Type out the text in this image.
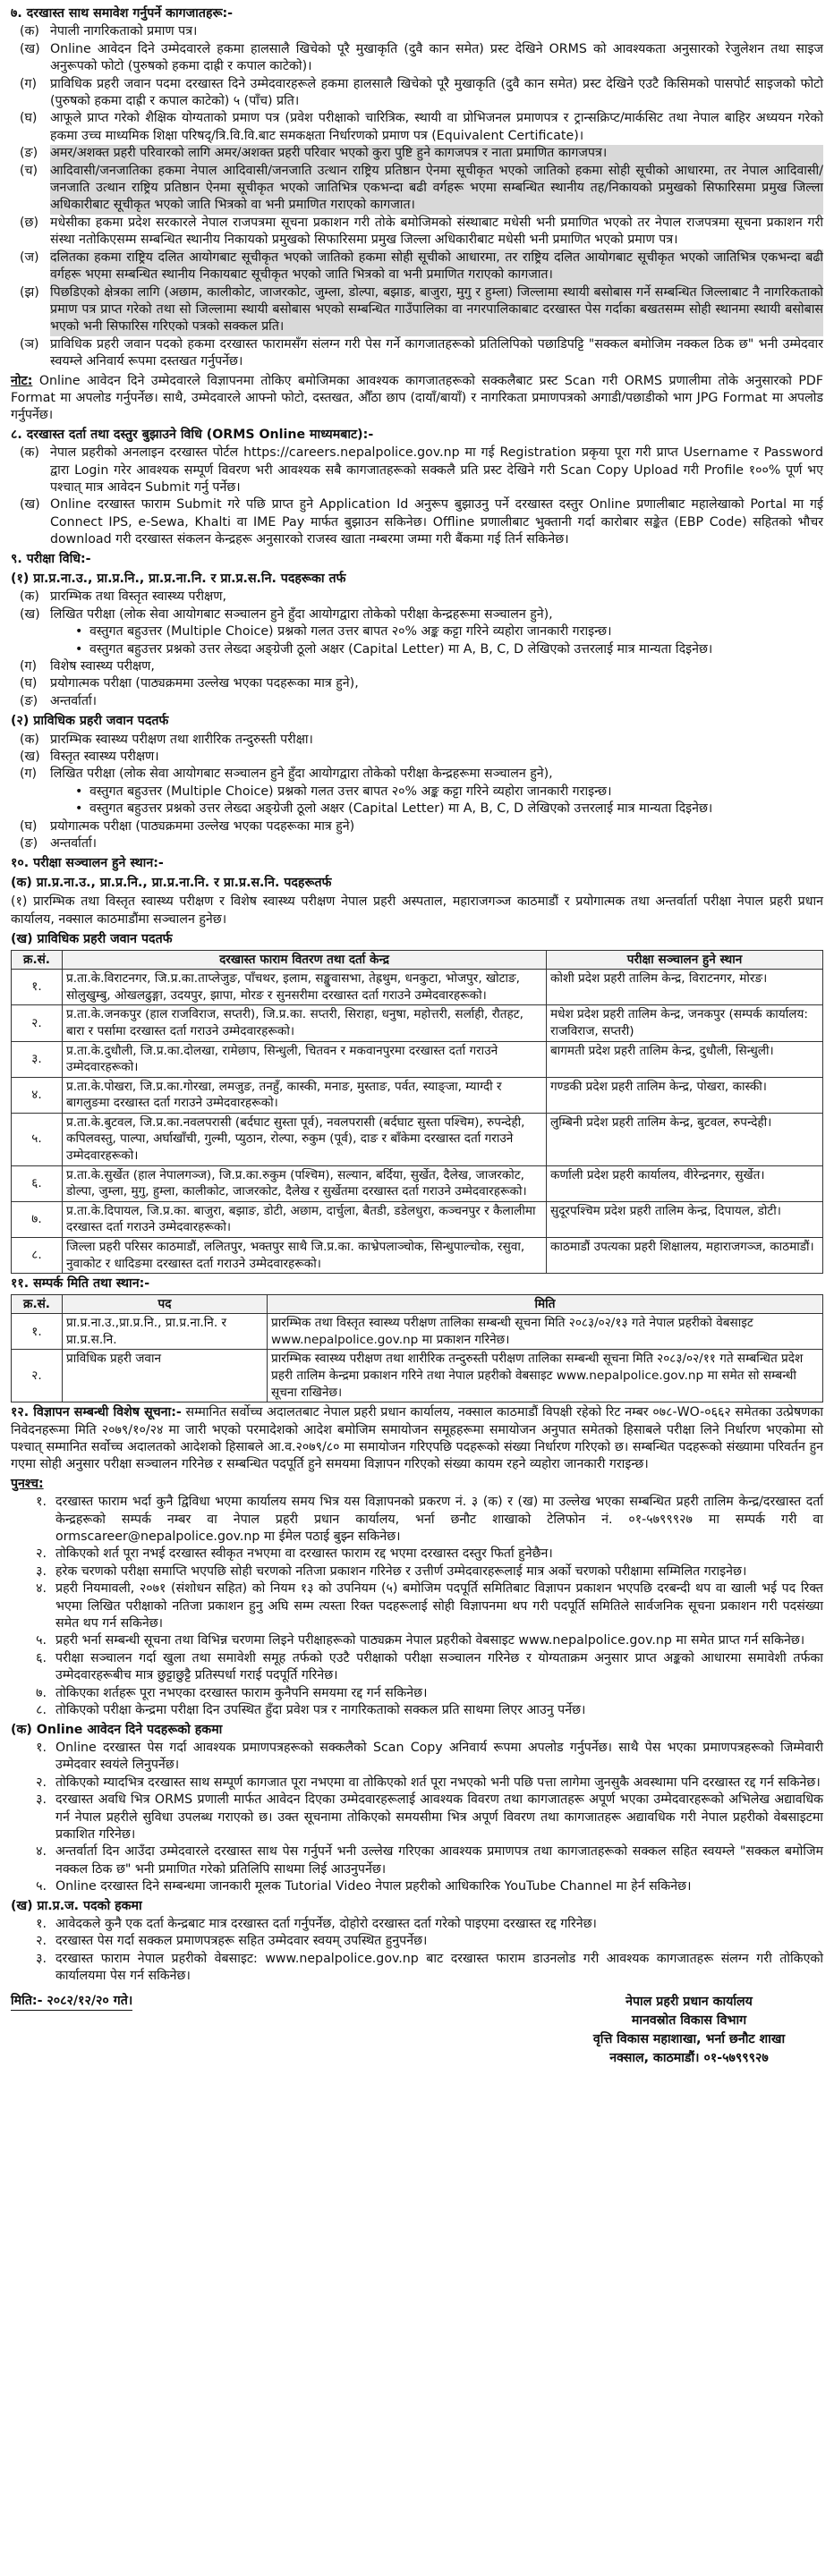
७. दरखास्त साथ समावेश गर्नुपर्ने कागजातहरू:-
(क) नेपाली नागरिकताको प्रमाण पत्र।
(ख) Online आवेदन दिने उम्मेदवारले हकमा हालसालै खिचेको पूरै मुखाकृति (दुवै कान समेत) प्रस्ट देखिने ORMS को आवश्यकता अनुसारको रेजुलेशन तथा साइज अनुरूपको फोटो (पुरुषको हकमा दाह्री र कपाल काटेको)।
(ग)	प्राविधिक प्रहरी जवान पदमा दरखास्त दिने उम्मेदवारहरूले हकमा हालसालै खिचेको पूरै मुखाकृति (दुवै कान समेत) प्रस्ट देखिने एउटै किसिमको पासपोर्ट साइजको फोटो (पुरुषको हकमा दाह्री र कपाल काटेको) ५ (पाँच) प्रति।
(घ)	आफूले प्राप्त गरेको शैक्षिक योग्यताको प्रमाण पत्र (प्रवेश परीक्षाको चारित्रिक, स्थायी वा प्रोभिजनल प्रमाणपत्र र ट्रान्सक्रिप्ट/मार्कसिट तथा नेपाल बाहिर अध्ययन गरेको हकमा उच्च माध्यमिक शिक्षा परिषद्/त्रि.वि.वि.बाट समकक्षता निर्धारणको प्रमाण पत्र (Equivalent Certificate)।
(ङ) अमर/अशक्त प्रहरी परिवारको लागि अमर/अशक्त प्रहरी परिवार भएको कुरा पुष्टि हुने कागजपत्र र नाता प्रमाणित कागजपत्र।
(च) आदिवासी/जनजातिका हकमा नेपाल आदिवासी/जनजाति उत्थान राष्ट्रिय प्रतिष्ठान ऐनमा सूचीकृत भएको जातिको हकमा सोही सूचीको आधारमा, तर नेपाल आदिवासी/जनजाति उत्थान राष्ट्रिय प्रतिष्ठान ऐनमा सूचीकृत भएको जातिभित्र एकभन्दा बढी वर्गहरू भएमा सम्बन्धित स्थानीय तह/निकायको प्रमुखको सिफारिसमा प्रमुख जिल्ला अधिकारीबाट सूचीकृत भएको जाति भित्रको वा भनी प्रमाणित गराएको कागजात।
(छ) मधेसीका हकमा प्रदेश सरकारले नेपाल राजपत्रमा सूचना प्रकाशन गरी तोके बमोजिमको संस्थाबाट मधेसी भनी प्रमाणित भएको तर नेपाल राजपत्रमा सूचना प्रकाशन गरी संस्था नतोकिएसम्म सम्बन्धित स्थानीय निकायको प्रमुखको सिफारिसमा प्रमुख जिल्ला अधिकारीबाट मधेसी भनी प्रमाणित भएको प्रमाण पत्र।
(ज) दलितका हकमा राष्ट्रिय दलित आयोगबाट सूचीकृत भएको जातिको हकमा सोही सूचीको आधारमा, तर राष्ट्रिय दलित आयोगबाट सूचीकृत भएको जातिभित्र एकभन्दा बढी वर्गहरू भएमा सम्बन्धित स्थानीय निकायबाट सूचीकृत भएको जाति भित्रको वा भनी प्रमाणित गराएको कागजात।
(झ) पिछडिएको क्षेत्रका लागि (अछाम, कालीकोट, जाजरकोट, जुम्ला, डोल्पा, बझाङ, बाजुरा, मुगु र हुम्ला) जिल्लामा स्थायी बसोबास गर्ने सम्बन्धित जिल्लाबाट नै नागरिकताको प्रमाण पत्र प्राप्त गरेको तथा सो जिल्लामा स्थायी बसोबास भएको सम्बन्धित गाउँपालिका वा नगरपालिकाबाट दरखास्त पेस गर्दाका बखतसम्म सोही स्थानमा स्थायी बसोबास भएको भनी सिफारिस गरिएको पत्रको सक्कल प्रति।
(ञ) प्राविधिक प्रहरी जवान पदको हकमा दरखास्त फारामसँग संलग्न गरी पेस गर्ने कागजातहरूको प्रतिलिपिको पछाडिपट्टि "सक्कल बमोजिम नक्कल ठिक छ" भनी उम्मेदवार स्वयम्ले अनिवार्य रूपमा दस्तखत गर्नुपर्नेछ।
नोट: Online आवेदन दिने उम्मेदवारले विज्ञापनमा तोकिए बमोजिमका आवश्यक कागजातहरूको सक्कलैबाट प्रस्ट Scan गरी ORMS प्रणालीमा तोके अनुसारको PDF Format मा अपलोड गर्नुपर्नेछ। साथै, उम्मेदवारले आफ्नो फोटो, दस्तखत, औँठा छाप (दायाँ/बायाँ) र नागरिकता प्रमाणपत्रको अगाडी/पछाडीको भाग JPG Format मा अपलोड गर्नुपर्नेछ।
८. दरखास्त दर्ता तथा दस्तुर बुझाउने विधि (ORMS Online माध्यमबाट):-
(क) नेपाल प्रहरीको अनलाइन दरखास्त पोर्टल https://careers.nepalpolice.gov.np मा गई Registration प्रकृया पूरा गरी प्राप्त Username र Password द्वारा Login गरेर आवश्यक सम्पूर्ण विवरण भरी आवश्यक सबै कागजातहरूको सक्कलै प्रति प्रस्ट देखिने गरी Scan Copy Upload गरी Profile १००% पूर्ण भए पश्चात् मात्र आवेदन Submit गर्नु पर्नेछ।
(ख) Online दरखास्त फाराम Submit गरे पछि प्राप्त हुने Application Id अनुरूप बुझाउनु पर्ने दरखास्त दस्तुर Online प्रणालीबाट महालेखाको Portal मा गई Connect IPS, e-Sewa, Khalti वा IME Pay मार्फत बुझाउन सकिनेछ। Offline प्रणालीबाट भुक्तानी गर्दा कारोबार सङ्केत (EBP Code) सहितको भौचर download गरी दरखास्त संकलन केन्द्रहरू अनुसारको राजस्व खाता नम्बरमा जम्मा गरी बैंकमा गई तिर्न सकिनेछ।
९. परीक्षा विधि:-
(१) प्रा.प्र.ना.उ., प्रा.प्र.नि., प्रा.प्र.ना.नि. र प्रा.प्र.स.नि. पदहरूका तर्फ
(क) प्रारम्भिक तथा विस्तृत स्वास्थ्य परीक्षण,
(ख) लिखित परीक्षा (लोक सेवा आयोगबाट सञ्चालन हुने हुँदा आयोगद्वारा तोकेको परीक्षा केन्द्रहरूमा सञ्चालन हुने),
• वस्तुगत बहुउत्तर (Multiple Choice) प्रश्नको गलत उत्तर बापत २०% अङ्क कट्टा गरिने व्यहोरा जानकारी गराइन्छ।
• वस्तुगत बहुउत्तर प्रश्नको उत्तर लेख्दा अङ्ग्रेजी ठूलो अक्षर (Capital Letter) मा A, B, C, D लेखिएको उत्तरलाई मात्र मान्यता दिइनेछ।
(ग)	विशेष स्वास्थ्य परीक्षण,
(घ)	प्रयोगात्मक परीक्षा (पाठ्यक्रममा उल्लेख भएका पदहरूका मात्र हुने),
(ङ) अन्तर्वार्ता।
(२) प्राविधिक प्रहरी जवान पदतर्फ
(क) प्रारम्भिक स्वास्थ्य परीक्षण तथा शारीरिक तन्दुरुस्ती परीक्षा।
(ख) विस्तृत स्वास्थ्य परीक्षण।
(ग)	लिखित परीक्षा (लोक सेवा आयोगबाट सञ्चालन हुने हुँदा आयोगद्वारा तोकेको परीक्षा केन्द्रहरूमा सञ्चालन हुने),
• वस्तुगत बहुउत्तर (Multiple Choice) प्रश्नको गलत उत्तर बापत २०% अङ्क कट्टा गरिने व्यहोरा जानकारी गराइन्छ।
• वस्तुगत बहुउत्तर प्रश्नको उत्तर लेख्दा अङ्ग्रेजी ठूलो अक्षर (Capital Letter) मा A, B, C, D लेखिएको उत्तरलाई मात्र मान्यता दिइनेछ।
(घ)	प्रयोगात्मक परीक्षा (पाठ्यक्रममा उल्लेख भएका पदहरूका मात्र हुने)
(ङ) अन्तर्वार्ता।
१०. परीक्षा सञ्चालन हुने स्थान:-
(क) प्रा.प्र.ना.उ., प्रा.प्र.नि., प्रा.प्र.ना.नि. र प्रा.प्र.स.नि. पदहरूतर्फ
(१) प्रारम्भिक तथा विस्तृत स्वास्थ्य परीक्षण र विशेष स्वास्थ्य परीक्षण नेपाल प्रहरी अस्पताल, महाराजगञ्ज काठमाडौं र प्रयोगात्मक तथा अन्तर्वार्ता परीक्षा नेपाल प्रहरी प्रधान कार्यालय, नक्साल काठमाडौंमा सञ्चालन हुनेछ।
(ख) प्राविधिक प्रहरी जवान पदतर्फ
क्र.सं.	दरखास्त फाराम वितरण तथा दर्ता केन्द्र	परीक्षा सञ्चालन हुने स्थान
१.	प्र.ता.के.विराटनगर, जि.प्र.का.ताप्लेजुङ, पाँचथर, इलाम, सङ्खुवासभा, तेह्रथुम, धनकुटा, भोजपुर, खोटाङ, सोलुखुम्बु, ओखलढुङ्गा, उदयपुर, झापा, मोरङ र सुनसरीमा दरखास्त दर्ता गराउने उम्मेदवारहरूको।	कोशी प्रदेश प्रहरी तालिम केन्द्र, विराटनगर, मोरङ।
२.	प्र.ता.के.जनकपुर (हाल राजविराज, सप्तरी), जि.प्र.का. सप्तरी, सिराहा, धनुषा, महोत्तरी, सर्लाही, रौतहट, बारा र पर्सामा दरखास्त दर्ता गराउने उम्मेदवारहरूको।	मधेश प्रदेश प्रहरी तालिम केन्द्र, जनकपुर (सम्पर्क कार्यालय: राजविराज, सप्तरी)
३.	प्र.ता.के.दुधौली, जि.प्र.का.दोलखा, रामेछाप, सिन्धुली, चितवन र मकवानपुरमा दरखास्त दर्ता गराउने उम्मेदवारहरूको।	बागमती प्रदेश प्रहरी तालिम केन्द्र, दुधौली, सिन्धुली।
४.	प्र.ता.के.पोखरा, जि.प्र.का.गोरखा, लमजुङ, तनहुँ, कास्की, मनाङ, मुस्ताङ, पर्वत, स्याङ्जा, म्याग्दी र बागलुङमा दरखास्त दर्ता गराउने उम्मेदवारहरूको।	गण्डकी प्रदेश प्रहरी तालिम केन्द्र, पोखरा, कास्की।
५.	प्र.ता.के.बुटवल, जि.प्र.का.नवलपरासी (बर्दघाट सुस्ता पूर्व), नवलपरासी (बर्दघाट सुस्ता पश्चिम), रुपन्देही, कपिलवस्तु, पाल्पा, अर्घाखाँची, गुल्मी, प्युठान, रोल्पा, रुकुम (पूर्व), दाङ र बाँकेमा दरखास्त दर्ता गराउने उम्मेदवारहरूको।	लुम्बिनी प्रदेश प्रहरी तालिम केन्द्र, बुटवल, रुपन्देही।
६.	प्र.ता.के.सुर्खेत (हाल नेपालगञ्ज), जि.प्र.का.रुकुम (पश्चिम), सल्यान, बर्दिया, सुर्खेत, दैलेख, जाजरकोट, डोल्पा, जुम्ला, मुगु, हुम्ला, कालीकोट, जाजरकोट, दैलेख र सुर्खेतमा दरखास्त दर्ता गराउने उम्मेदवारहरूको।	कर्णाली प्रदेश प्रहरी कार्यालय, वीरेन्द्रनगर, सुर्खेत।
७.	प्र.ता.के.दिपायल, जि.प्र.का. बाजुरा, बझाङ, डोटी, अछाम, दार्चुला, बैतडी, डडेलधुरा, कञ्चनपुर र कैलालीमा दरखास्त दर्ता गराउने उम्मेदवारहरूको।	सुदूरपश्चिम प्रदेश प्रहरी तालिम केन्द्र, दिपायल, डोटी।
८.	जिल्ला प्रहरी परिसर काठमाडौं, ललितपुर, भक्तपुर साथै जि.प्र.का. काभ्रेपलाञ्चोक, सिन्धुपाल्चोक, रसुवा, नुवाकोट र धादिङमा दरखास्त दर्ता गराउने उम्मेदवारहरूको।	काठमाडौं उपत्यका प्रहरी शिक्षालय, महाराजगञ्ज, काठमाडौं।
११. सम्पर्क मिति तथा स्थान:-
क्र.सं.	पद	मिति
१.	प्रा.प्र.ना.उ.,प्रा.प्र.नि., प्रा.प्र.ना.नि. र प्रा.प्र.स.नि.	प्रारम्भिक तथा विस्तृत स्वास्थ्य परीक्षण तालिका सम्बन्धी सूचना मिति २०८३/०२/१३ गते नेपाल प्रहरीको वेबसाइट www.nepalpolice.gov.np मा प्रकाशन गरिनेछ।
२.	प्राविधिक प्रहरी जवान	प्रारम्भिक स्वास्थ्य परीक्षण तथा शारीरिक तन्दुरुस्ती परीक्षण तालिका सम्बन्धी सूचना मिति २०८३/०२/११ गते सम्बन्धित प्रदेश प्रहरी तालिम केन्द्रमा प्रकाशन गरिने तथा नेपाल प्रहरीको वेबसाइट www.nepalpolice.gov.np मा समेत सो सम्बन्धी सूचना राखिनेछ।
१२. विज्ञापन सम्बन्धी विशेष सूचना:- सम्मानित सर्वोच्च अदालतबाट नेपाल प्रहरी प्रधान कार्यालय, नक्साल काठमाडौं विपक्षी रहेको रिट नम्बर ०७८-WO-०६६२ समेतका उत्प्रेषणका निवेदनहरूमा मिति २०७९/१०/२४ मा जारी भएको परमादेशको आदेश बमोजिम समायोजन समूहहरूमा समायोजन अनुपात समेतको हिसाबले परीक्षा लिने निर्धारण भएकोमा सो पश्चात् सम्मानित सर्वोच्च अदालतको आदेशको हिसाबले आ.व.२०७९/८० मा समायोजन गरिएपछि पदहरूको संख्या निर्धारण गरिएको छ। सम्बन्धित पदहरूको संख्यामा परिवर्तन हुन गएमा सोही अनुसार परीक्षा सञ्चालन गरिनेछ र सम्बन्धित पदपूर्ति हुने समयमा विज्ञापन गरिएको संख्या कायम रहने व्यहोरा जानकारी गराइन्छ।
पुनश्च:
१. दरखास्त फाराम भर्दा कुनै द्विविधा भएमा कार्यालय समय भित्र यस विज्ञापनको प्रकरण नं. ३ (क) र (ख) मा उल्लेख भएका सम्बन्धित प्रहरी तालिम केन्द्र/दरखास्त दर्ता केन्द्रहरूको सम्पर्क नम्बर वा नेपाल प्रहरी प्रधान कार्यालय, भर्ना छनौट शाखाको टेलिफोन नं. ०१-५७९९९२७ मा सम्पर्क गरी वा ormscareer@nepalpolice.gov.np मा ईमेल पठाई बुझ्न सकिनेछ।
२. तोकिएको शर्त पूरा नभई दरखास्त स्वीकृत नभएमा वा दरखास्त फाराम रद्द भएमा दरखास्त दस्तुर फिर्ता हुनेछैन।
३. हरेक चरणको परीक्षा समाप्ति भएपछि सोही चरणको नतिजा प्रकाशन गरिनेछ र उत्तीर्ण उम्मेदवारहरूलाई मात्र अर्को चरणको परीक्षामा सम्मिलित गराइनेछ।
४. प्रहरी नियमावली, २०७१ (संशोधन सहित) को नियम १३ को उपनियम (५) बमोजिम पदपूर्ति समितिबाट विज्ञापन प्रकाशन भएपछि दरबन्दी थप वा खाली भई पद रिक्त भएमा लिखित परीक्षाको नतिजा प्रकाशन हुनु अघि सम्म त्यस्ता रिक्त पदहरूलाई सोही विज्ञापनमा थप गरी पदपूर्ति समितिले सार्वजनिक सूचना प्रकाशन गरी पदसंख्या समेत थप गर्न सकिनेछ।
५. प्रहरी भर्ना सम्बन्धी सूचना तथा विभिन्न चरणमा लिइने परीक्षाहरूको पाठ्यक्रम नेपाल प्रहरीको वेबसाइट www.nepalpolice.gov.np मा समेत प्राप्त गर्न सकिनेछ।
६. परीक्षा सञ्चालन गर्दा खुला तथा समावेशी समूह तर्फको एउटै परीक्षाको परीक्षा सञ्चालन गरिनेछ र योग्यताक्रम अनुसार प्राप्त अङ्कको आधारमा समावेशी तर्फका उम्मेदवारहरूबीच मात्र छुट्टाछुट्टै प्रतिस्पर्धा गराई पदपूर्ति गरिनेछ।
७. तोकिएका शर्तहरू पूरा नभएका दरखास्त फाराम कुनैपनि समयमा रद्द गर्न सकिनेछ।
८. तोकिएको परीक्षा केन्द्रमा परीक्षा दिन उपस्थित हुँदा प्रवेश पत्र र नागरिकताको सक्कल प्रति साथमा लिएर आउनु पर्नेछ।
(क) Online आवेदन दिने पदहरूको हकमा
१. Online दरखास्त पेस गर्दा आवश्यक प्रमाणपत्रहरूको सक्कलैको Scan Copy अनिवार्य रूपमा अपलोड गर्नुपर्नेछ। साथै पेस भएका प्रमाणपत्रहरूको जिम्मेवारी उम्मेदवार स्वयंले लिनुपर्नेछ।
२. तोकिएको म्यादभित्र दरखास्त साथ सम्पूर्ण कागजात पूरा नभएमा वा तोकिएको शर्त पूरा नभएको भनी पछि पत्ता लागेमा जुनसुकै अवस्थामा पनि दरखास्त रद्द गर्न सकिनेछ।
३. दरखास्त अवधि भित्र ORMS प्रणाली मार्फत आवेदन दिएका उम्मेदवारहरूलाई आवश्यक विवरण तथा कागजातहरू अपूर्ण भएका उम्मेदवारहरूको अभिलेख अद्यावधिक गर्न नेपाल प्रहरीले सुविधा उपलब्ध गराएको छ। उक्त सूचनामा तोकिएको समयसीमा भित्र अपूर्ण विवरण तथा कागजातहरू अद्यावधिक गरी नेपाल प्रहरीको वेबसाइटमा प्रकाशित गरिनेछ।
४. अन्तर्वार्ता दिन आउँदा उम्मेदवारले दरखास्त साथ पेस गर्नुपर्ने भनी उल्लेख गरिएका आवश्यक प्रमाणपत्र तथा कागजातहरूको सक्कल सहित स्वयम्ले "सक्कल बमोजिम नक्कल ठिक छ" भनी प्रमाणित गरेको प्रतिलिपि साथमा लिई आउनुपर्नेछ।
५. Online दरखास्त दिने सम्बन्धमा जानकारी मूलक Tutorial Video नेपाल प्रहरीको आधिकारिक YouTube Channel मा हेर्न सकिनेछ।
(ख) प्रा.प्र.ज. पदको हकमा
१. आवेदकले कुनै एक दर्ता केन्द्रबाट मात्र दरखास्त दर्ता गर्नुपर्नेछ, दोहोरो दरखास्त दर्ता गरेको पाइएमा दरखास्त रद्द गरिनेछ।
२. दरखास्त पेस गर्दा सक्कल प्रमाणपत्रहरू सहित उम्मेदवार स्वयम् उपस्थित हुनुपर्नेछ।
३. दरखास्त फाराम नेपाल प्रहरीको वेबसाइट: www.nepalpolice.gov.np बाट दरखास्त फाराम डाउनलोड गरी आवश्यक कागजातहरू संलग्न गरी तोकिएको कार्यालयमा पेस गर्न सकिनेछ।
मिति:- २०८२/१२/२० गते।	नेपाल प्रहरी प्रधान कार्यालय
मानवस्रोत विकास विभाग
वृत्ति विकास महाशाखा, भर्ना छनौट शाखा
नक्साल, काठमाडौं। ०१-५७९९९२७
